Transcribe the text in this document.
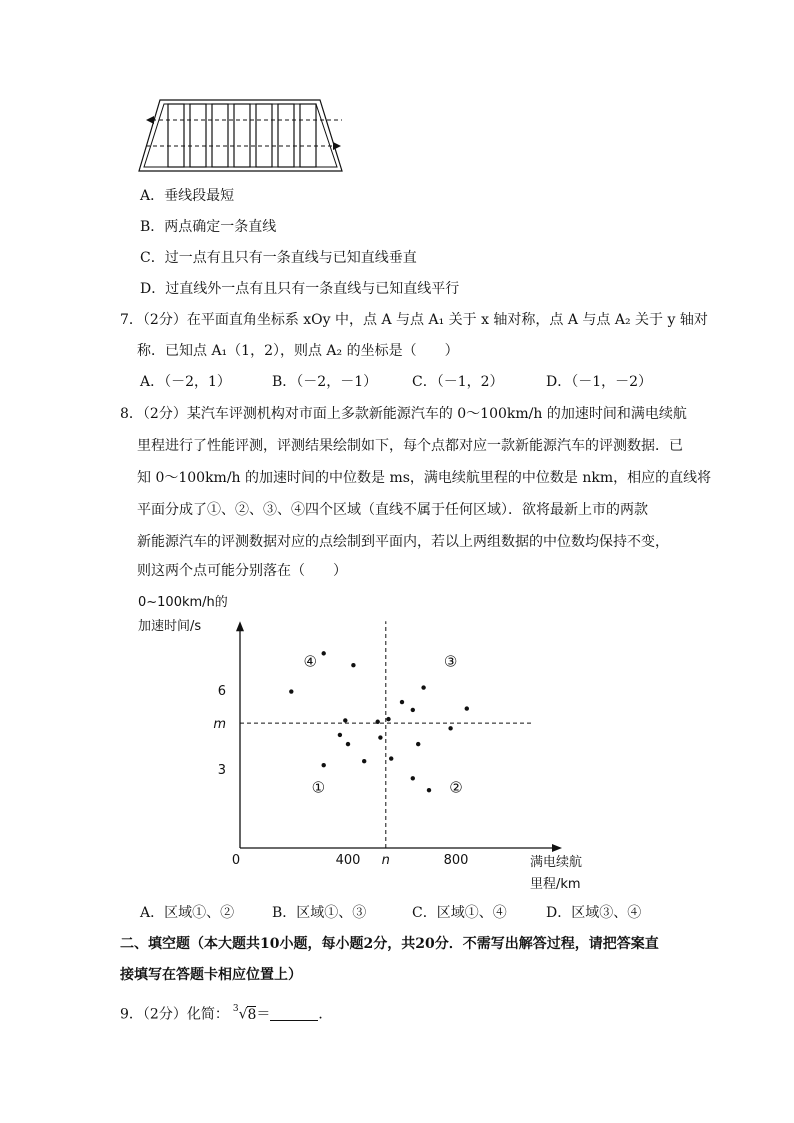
A．垂线段最短
B．两点确定一条直线
C．过一点有且只有一条直线与已知直线垂直
D．过直线外一点有且只有一条直线与已知直线平行
7．（2分）在平面直角坐标系 xOy 中，点 A 与点 A₁ 关于 x 轴对称，点 A 与点 A₂ 关于 y 轴对
称．已知点 A₁（1，2），则点 A₂ 的坐标是（　　）
A．（－2，1）	B．（－2，－1） C．（－1，2）	D．（－1，－2）
8．（2分）某汽车评测机构对市面上多款新能源汽车的 0～100km/h 的加速时间和满电续航
里程进行了性能评测，评测结果绘制如下，每个点都对应一款新能源汽车的评测数据．已
知 0～100km/h 的加速时间的中位数是 ms，满电续航里程的中位数是 nkm，相应的直线将
平面分成了①、②、③、④四个区域（直线不属于任何区域）．欲将最新上市的两款
新能源汽车的评测数据对应的点绘制到平面内，若以上两组数据的中位数均保持不变，
则这两个点可能分别落在（　　）
0~100km/h的
加速时间/s
满电续航
里程/km
0	400	800
3
6
n
m
①	②
③
④
A．区域①、②	B．区域①、③	C．区域①、④	D．区域③、④
二、填空题（本大题共10小题，每小题2分，共20分．不需写出解答过程，请把答案直
接填写在答题卡相应位置上）
9．（2分）化简： $^3$√8＝	．
